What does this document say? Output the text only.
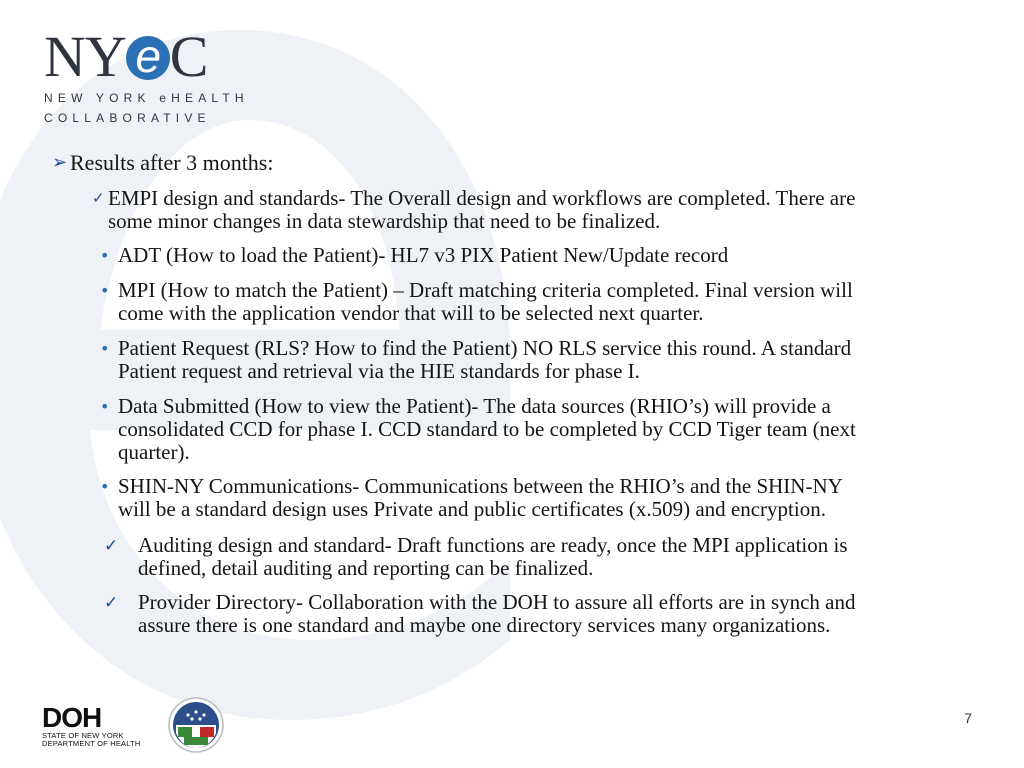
NY e C
NEW YORK eHEALTH
COLLABORATIVE
➢ Results after 3 months:
✓ EMPI design and standards- The Overall design and workflows are completed. There are
some minor changes in data stewardship that need to be finalized.
• ADT (How to load the Patient)- HL7 v3 PIX Patient New/Update record
• MPI (How to match the Patient) – Draft matching criteria completed. Final version will
come with the application vendor that will to be selected next quarter.
• Patient Request (RLS? How to find the Patient) NO RLS service this round. A standard
Patient request and retrieval via the HIE standards for phase I.
• Data Submitted (How to view the Patient)- The data sources (RHIO’s) will provide a
consolidated CCD for phase I. CCD standard to be completed by CCD Tiger team (next
quarter).
• SHIN-NY Communications- Communications between the RHIO’s and the SHIN-NY
will be a standard design uses Private and public certificates (x.509) and encryption.
✓ Auditing design and standard- Draft functions are ready, once the MPI application is
defined, detail auditing and reporting can be finalized.
✓ Provider Directory- Collaboration with the DOH to assure all efforts are in synch and
assure there is one standard and maybe one directory services many organizations.
DOH
STATE OF NEW YORK
DEPARTMENT OF HEALTH
7
